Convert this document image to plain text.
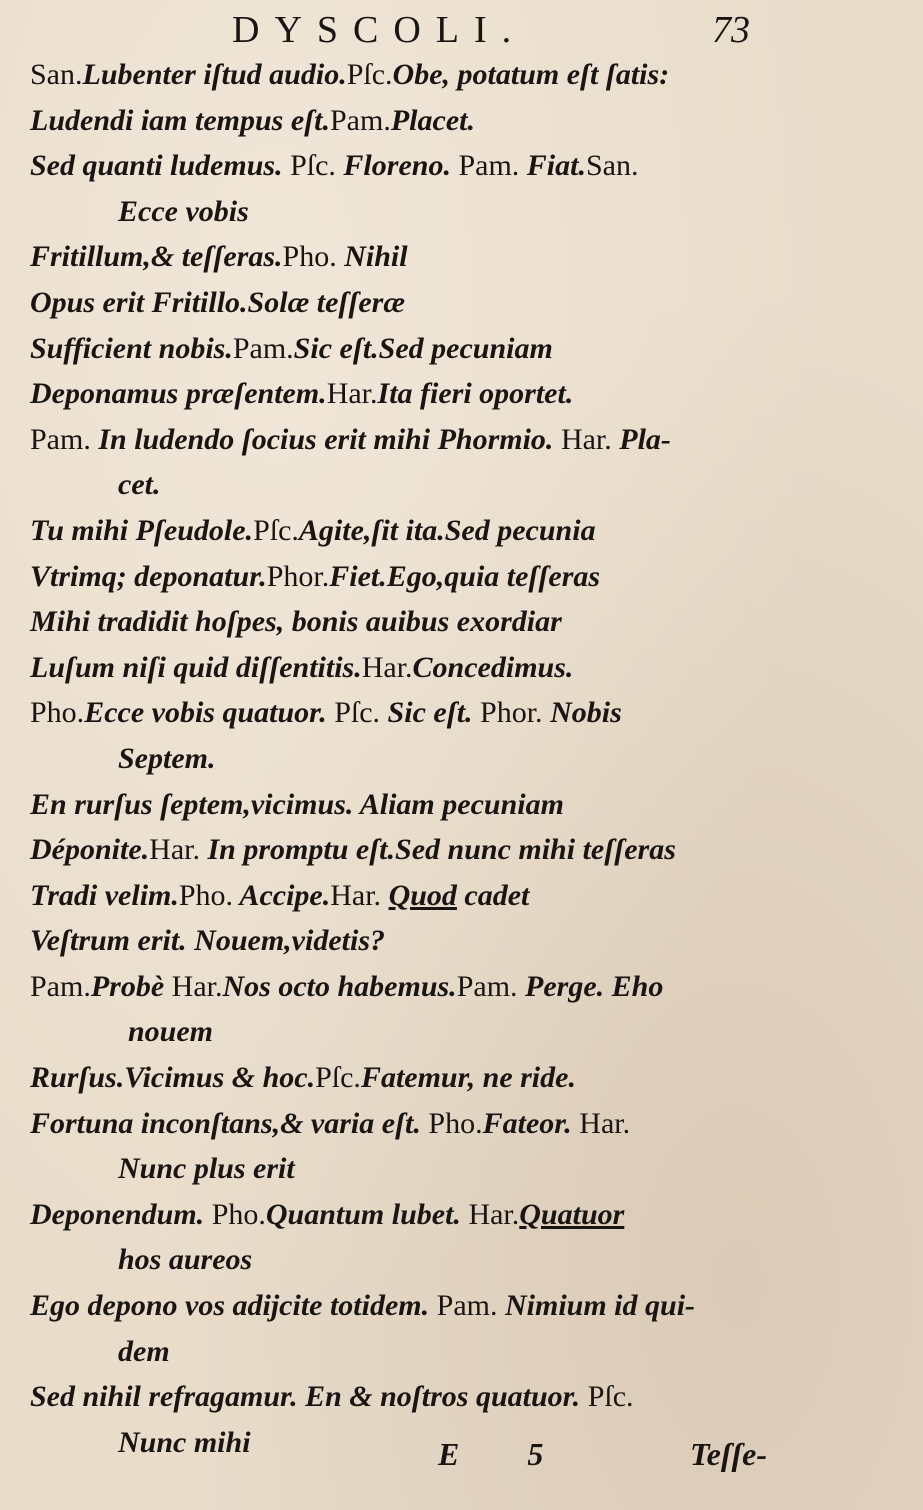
DYSCOLI.	73
San.Lubenter iſtud audio.Pſc.Obe, potatum eſt ſatis:
Ludendi iam tempus eſt.Pam.Placet.
Sed quanti ludemus. Pſc. Floreno. Pam. Fiat.San.
Ecce vobis
Fritillum,& teſſeras.Pho. Nihil
Opus erit Fritillo.Solæ teſſeræ
Sufficient nobis.Pam.Sic eſt.Sed pecuniam
Deponamus præſentem.Har.Ita fieri oportet.
Pam. In ludendo ſocius erit mihi Phormio. Har. Pla-
cet.
Tu mihi Pſeudole.Pſc.Agite,ſit ita.Sed pecunia
Vtrimq; deponatur.Phor.Fiet.Ego,quia teſſeras
Mihi tradidit hoſpes, bonis auibus exordiar
Luſum niſi quid diſſentitis.Har.Concedimus.
Pho.Ecce vobis quatuor. Pſc. Sic eſt. Phor. Nobis
Septem.
En rurſus ſeptem,vicimus. Aliam pecuniam
Déponite.Har. In promptu eſt.Sed nunc mihi teſſeras
Tradi velim.Pho. Accipe.Har. Quod cadet
Veſtrum erit. Nouem,videtis?
Pam.Probè Har.Nos octo habemus.Pam. Perge. Eho
nouem
Rurſus.Vicimus & hoc.Pſc.Fatemur, ne ride.
Fortuna inconſtans,& varia eſt. Pho.Fateor. Har.
Nunc plus erit
Deponendum. Pho.Quantum lubet. Har.Quatuor
hos aureos
Ego depono vos adijcite totidem. Pam. Nimium id qui-
dem
Sed nihil refragamur. En & noſtros quatuor. Pſc.
Nunc mihi	E 5	Teſſe-
